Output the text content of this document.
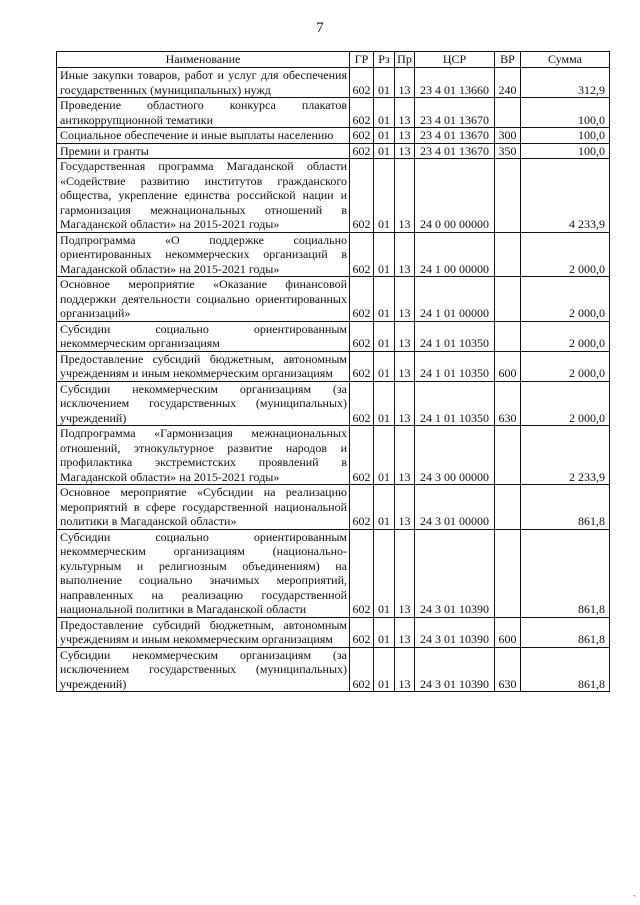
7
Наименование	ГР	Рз	Пр	ЦСР	ВР	Сумма
Иные закупки товаров, работ и услуг для обеспечения государственных (муниципальных) нужд	602	01	13	23 4 01 13660	240	312,9
Проведение областного конкурса плакатов антикоррупционной тематики	602	01	13	23 4 01 13670		100,0
Социальное обеспечение и иные выплаты населению	602	01	13	23 4 01 13670	300	100,0
Премии и гранты	602	01	13	23 4 01 13670	350	100,0
Государственная программа Магаданской области «Содействие развитию институтов гражданского общества, укрепление единства российской нации и гармонизация межнациональных отношений в Магаданской области» на 2015-2021 годы»	602	01	13	24 0 00 00000		4 233,9
Подпрограмма «О поддержке социально ориентированных некоммерческих организаций в Магаданской области» на 2015-2021 годы»	602	01	13	24 1 00 00000		2 000,0
Основное мероприятие «Оказание финансовой поддержки деятельности социально ориентированных организаций»	602	01	13	24 1 01 00000		2 000,0
Субсидии социально ориентированным некоммерческим организациям	602	01	13	24 1 01 10350		2 000,0
Предоставление субсидий бюджетным, автономным учреждениям и иным некоммерческим организациям	602	01	13	24 1 01 10350	600	2 000,0
Субсидии некоммерческим организациям (за исключением государственных (муниципальных) учреждений)	602	01	13	24 1 01 10350	630	2 000,0
Подпрограмма «Гармонизация межнациональных отношений, этнокультурное развитие народов и профилактика экстремистских проявлений в Магаданской области» на 2015-2021 годы»	602	01	13	24 3 00 00000		2 233,9
Основное мероприятие «Субсидии на реализацию мероприятий в сфере государственной национальной политики в Магаданской области»	602	01	13	24 3 01 00000		861,8
Субсидии социально ориентированным некоммерческим организациям (национально-культурным и религиозным объединениям) на выполнение социально значимых мероприятий, направленных на реализацию государственной национальной политики в Магаданской области	602	01	13	24 3 01 10390		861,8
Предоставление субсидий бюджетным, автономным учреждениям и иным некоммерческим организациям	602	01	13	24 3 01 10390	600	861,8
Субсидии некоммерческим организациям (за исключением государственных (муниципальных) учреждений)	602	01	13	24 3 01 10390	630	861,8
′
